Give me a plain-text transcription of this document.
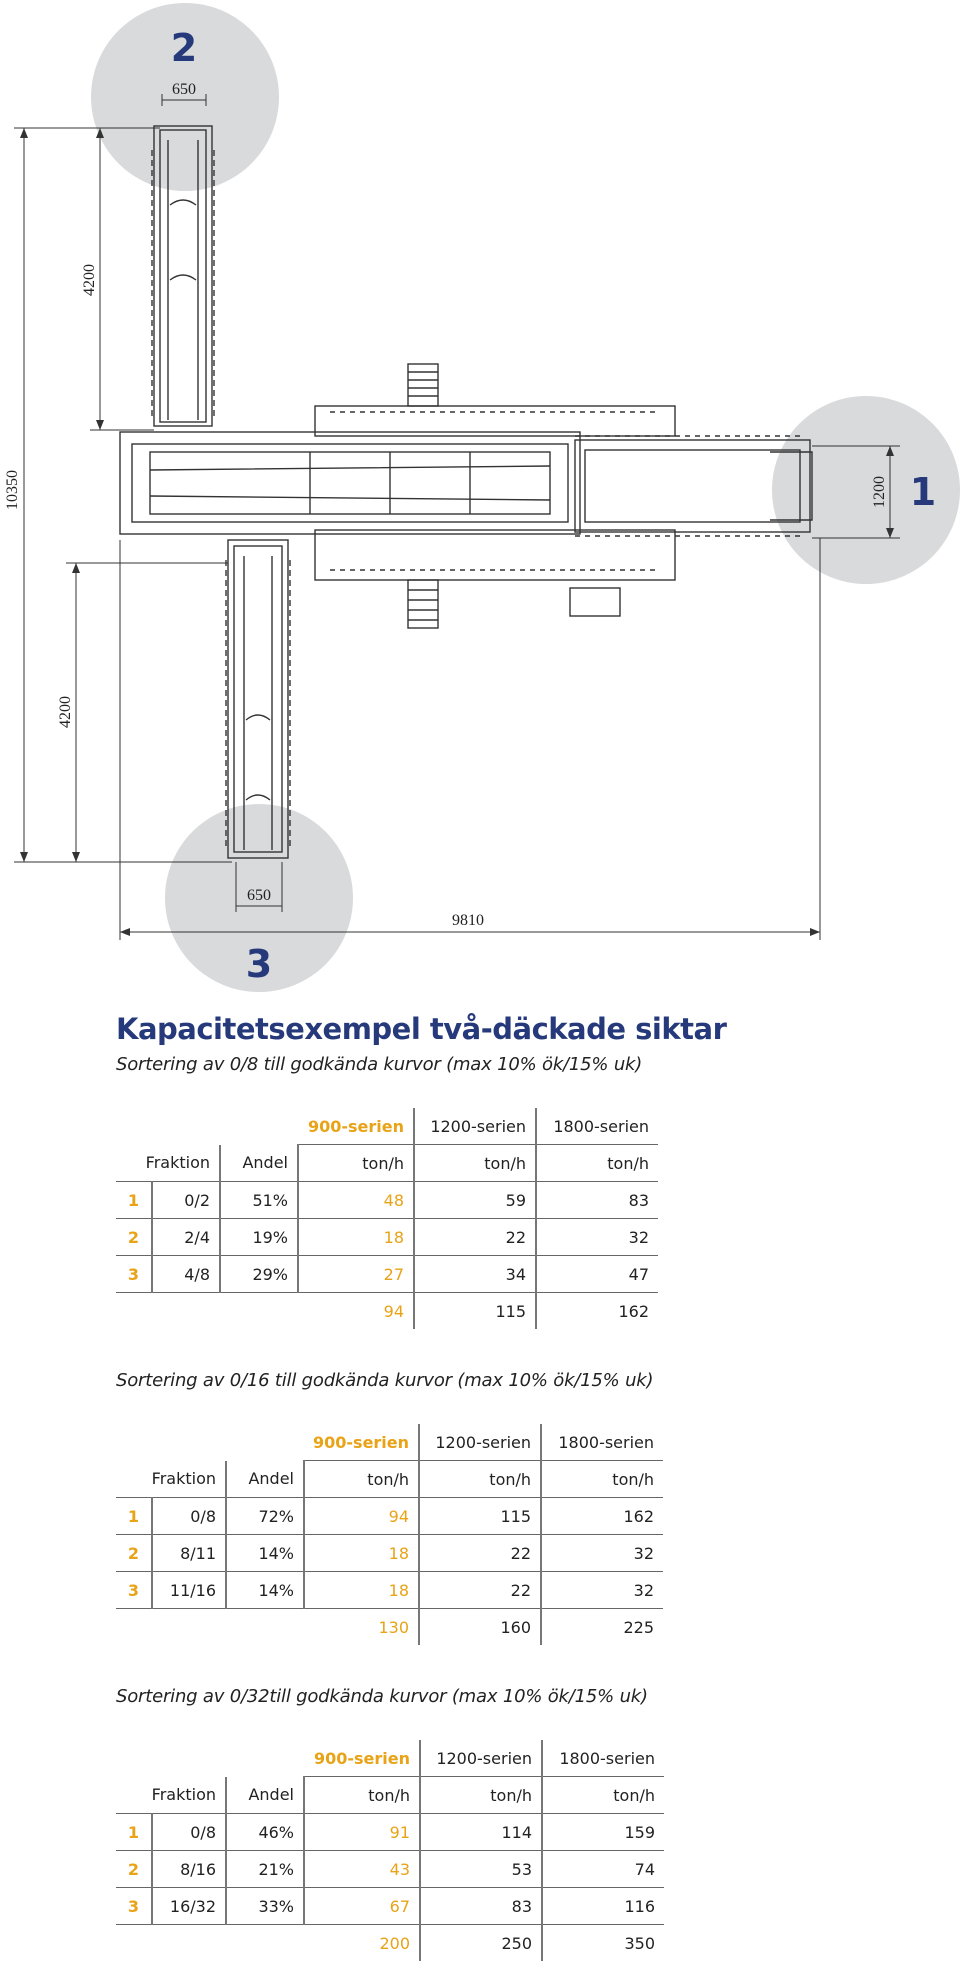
650
4200
10350
4200
1200
650
9810
2
1
3
Kapacitetsexempel två-däckade siktar

Sortering av 0/8 till godkända kurvor (max 10% ök/15% uk)

			900-serien	1200-serien	1800-serien
Fraktion		Andel	ton/h	ton/h	ton/h
1	0/2	51%	48	59	83
2	2/4	19%	18	22	32
3	4/8	29%	27	34	47
			94	115	162

Sortering av 0/16 till godkända kurvor (max 10% ök/15% uk)

			900-serien	1200-serien	1800-serien
Fraktion		Andel	ton/h	ton/h	ton/h
1	0/8	72%	94	115	162
2	8/11	14%	18	22	32
3	11/16	14%	18	22	32
			130	160	225

Sortering av 0/32till godkända kurvor (max 10% ök/15% uk)

			900-serien	1200-serien	1800-serien
Fraktion		Andel	ton/h	ton/h	ton/h
1	0/8	46%	91	114	159
2	8/16	21%	43	53	74
3	16/32	33%	67	83	116
			200	250	350
